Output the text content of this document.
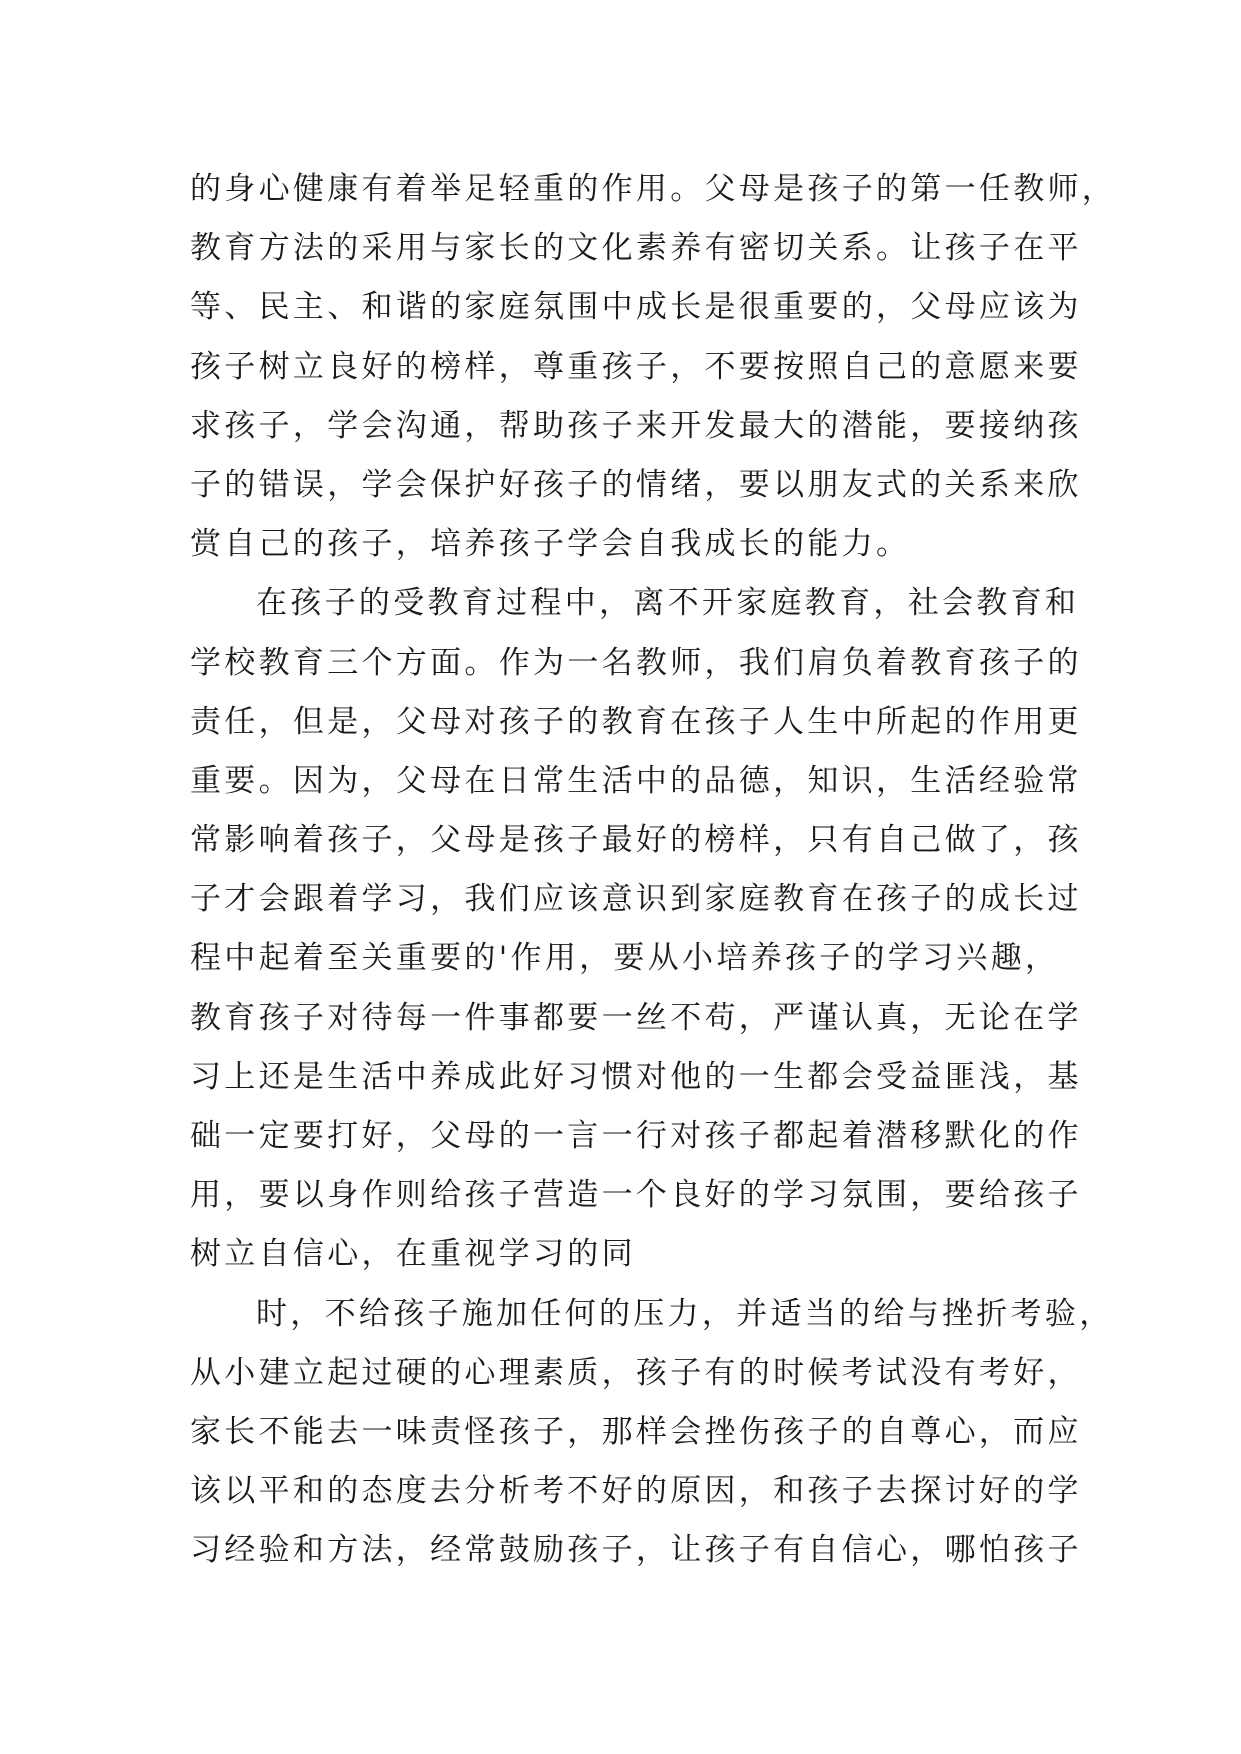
的身心健康有着举足轻重的作用。父母是孩子的第一任教师，
教育方法的采用与家长的文化素养有密切关系。让孩子在平
等、民主、和谐的家庭氛围中成长是很重要的，父母应该为
孩子树立良好的榜样，尊重孩子，不要按照自己的意愿来要
求孩子，学会沟通，帮助孩子来开发最大的潜能，要接纳孩
子的错误，学会保护好孩子的情绪，要以朋友式的关系来欣
赏自己的孩子，培养孩子学会自我成长的能力。
在孩子的受教育过程中，离不开家庭教育，社会教育和
学校教育三个方面。作为一名教师，我们肩负着教育孩子的
责任，但是，父母对孩子的教育在孩子人生中所起的作用更
重要。因为，父母在日常生活中的品德，知识，生活经验常
常影响着孩子，父母是孩子最好的榜样，只有自己做了，孩
子才会跟着学习，我们应该意识到家庭教育在孩子的成长过
程中起着至关重要的'作用，要从小培养孩子的学习兴趣，
教育孩子对待每一件事都要一丝不苟，严谨认真，无论在学
习上还是生活中养成此好习惯对他的一生都会受益匪浅，基
础一定要打好，父母的一言一行对孩子都起着潜移默化的作
用，要以身作则给孩子营造一个良好的学习氛围，要给孩子
树立自信心，在重视学习的同
时，不给孩子施加任何的压力，并适当的给与挫折考验，
从小建立起过硬的心理素质，孩子有的时候考试没有考好，
家长不能去一味责怪孩子，那样会挫伤孩子的自尊心，而应
该以平和的态度去分析考不好的原因，和孩子去探讨好的学
习经验和方法，经常鼓励孩子，让孩子有自信心，哪怕孩子
